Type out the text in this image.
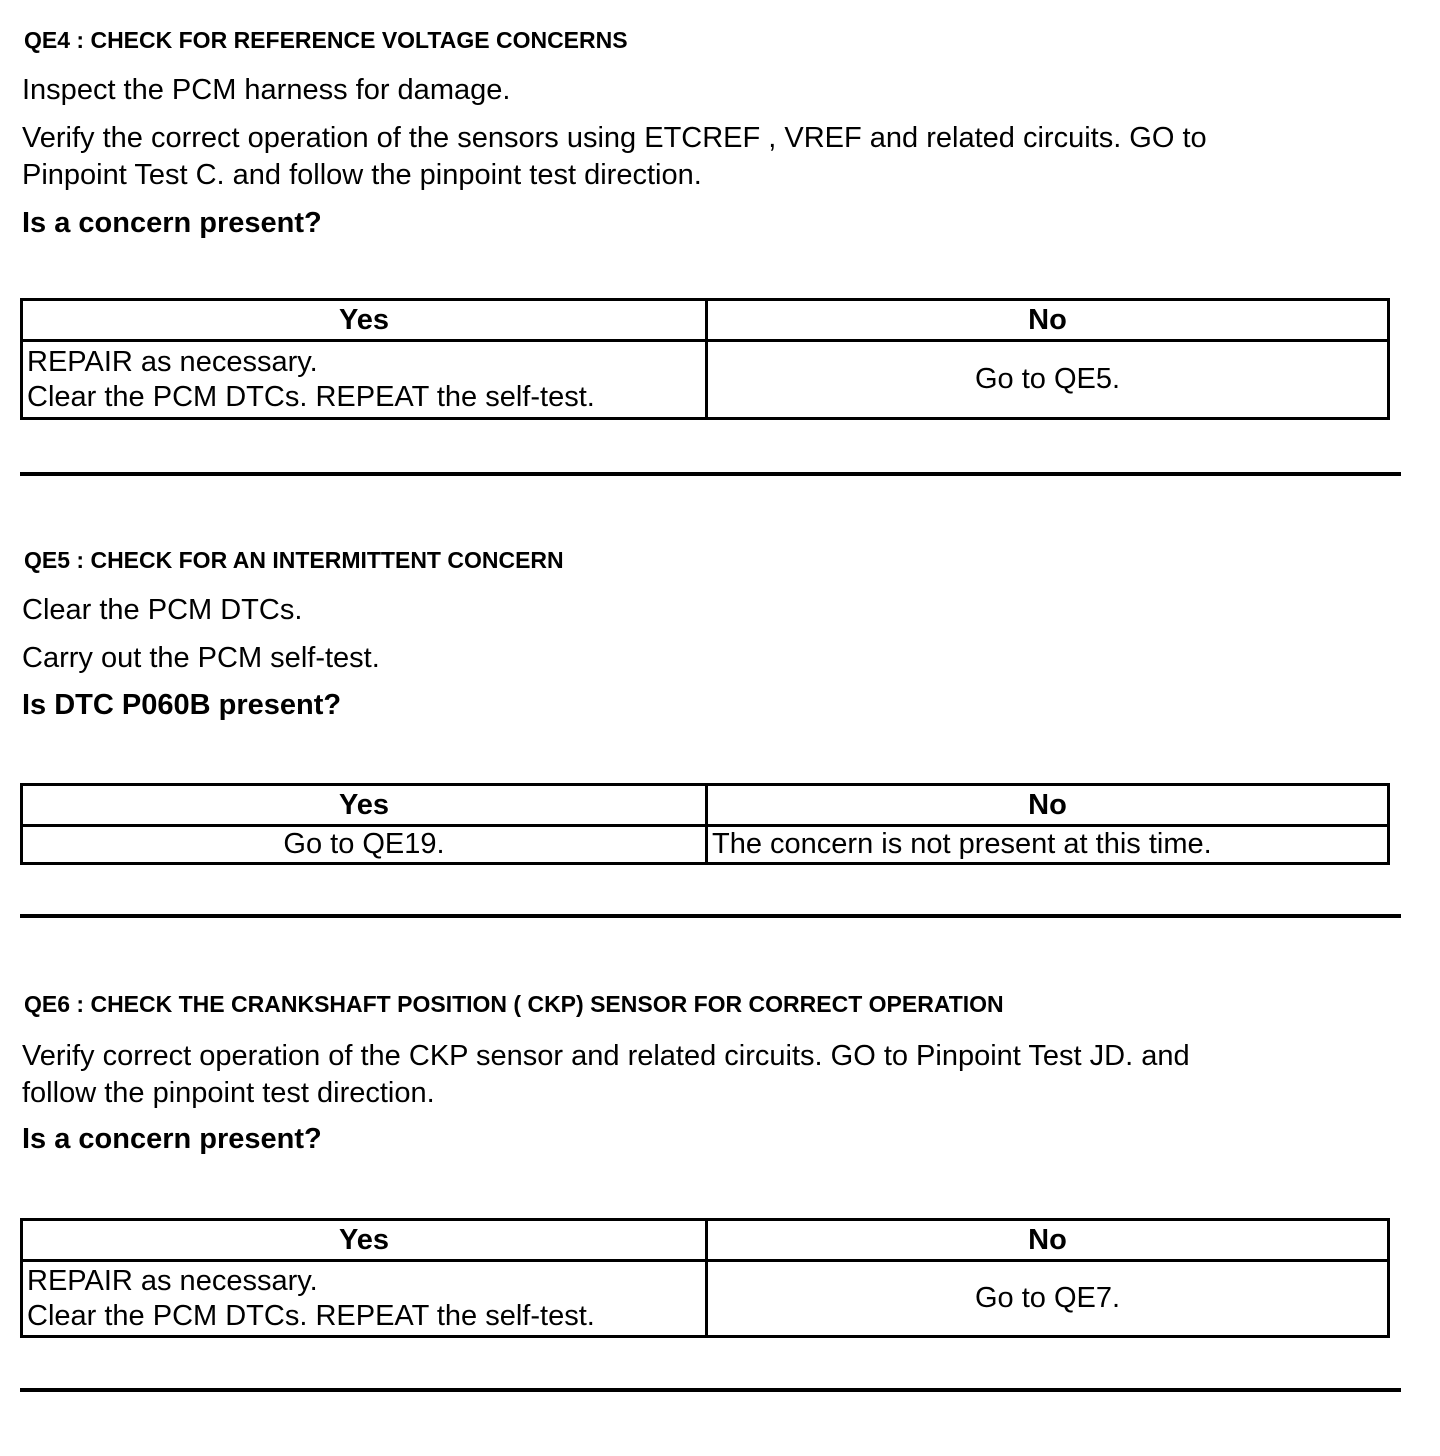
QE4 : CHECK FOR REFERENCE VOLTAGE CONCERNS
Inspect the PCM harness for damage.
Verify the correct operation of the sensors using ETCREF , VREF and related circuits. GO to
Pinpoint Test C. and follow the pinpoint test direction.
Is a concern present?
Yes	No

REPAIR as necessary.
Clear the PCM DTCs. REPEAT the self-test.	Go to QE5.
QE5 : CHECK FOR AN INTERMITTENT CONCERN
Clear the PCM DTCs.
Carry out the PCM self-test.
Is DTC P060B present?
Yes	No
Go to QE19.	The concern is not present at this time.
QE6 : CHECK THE CRANKSHAFT POSITION ( CKP) SENSOR FOR CORRECT OPERATION
Verify correct operation of the CKP sensor and related circuits. GO to Pinpoint Test JD. and
follow the pinpoint test direction.
Is a concern present?
Yes	No

REPAIR as necessary.
Clear the PCM DTCs. REPEAT the self-test.	Go to QE7.
